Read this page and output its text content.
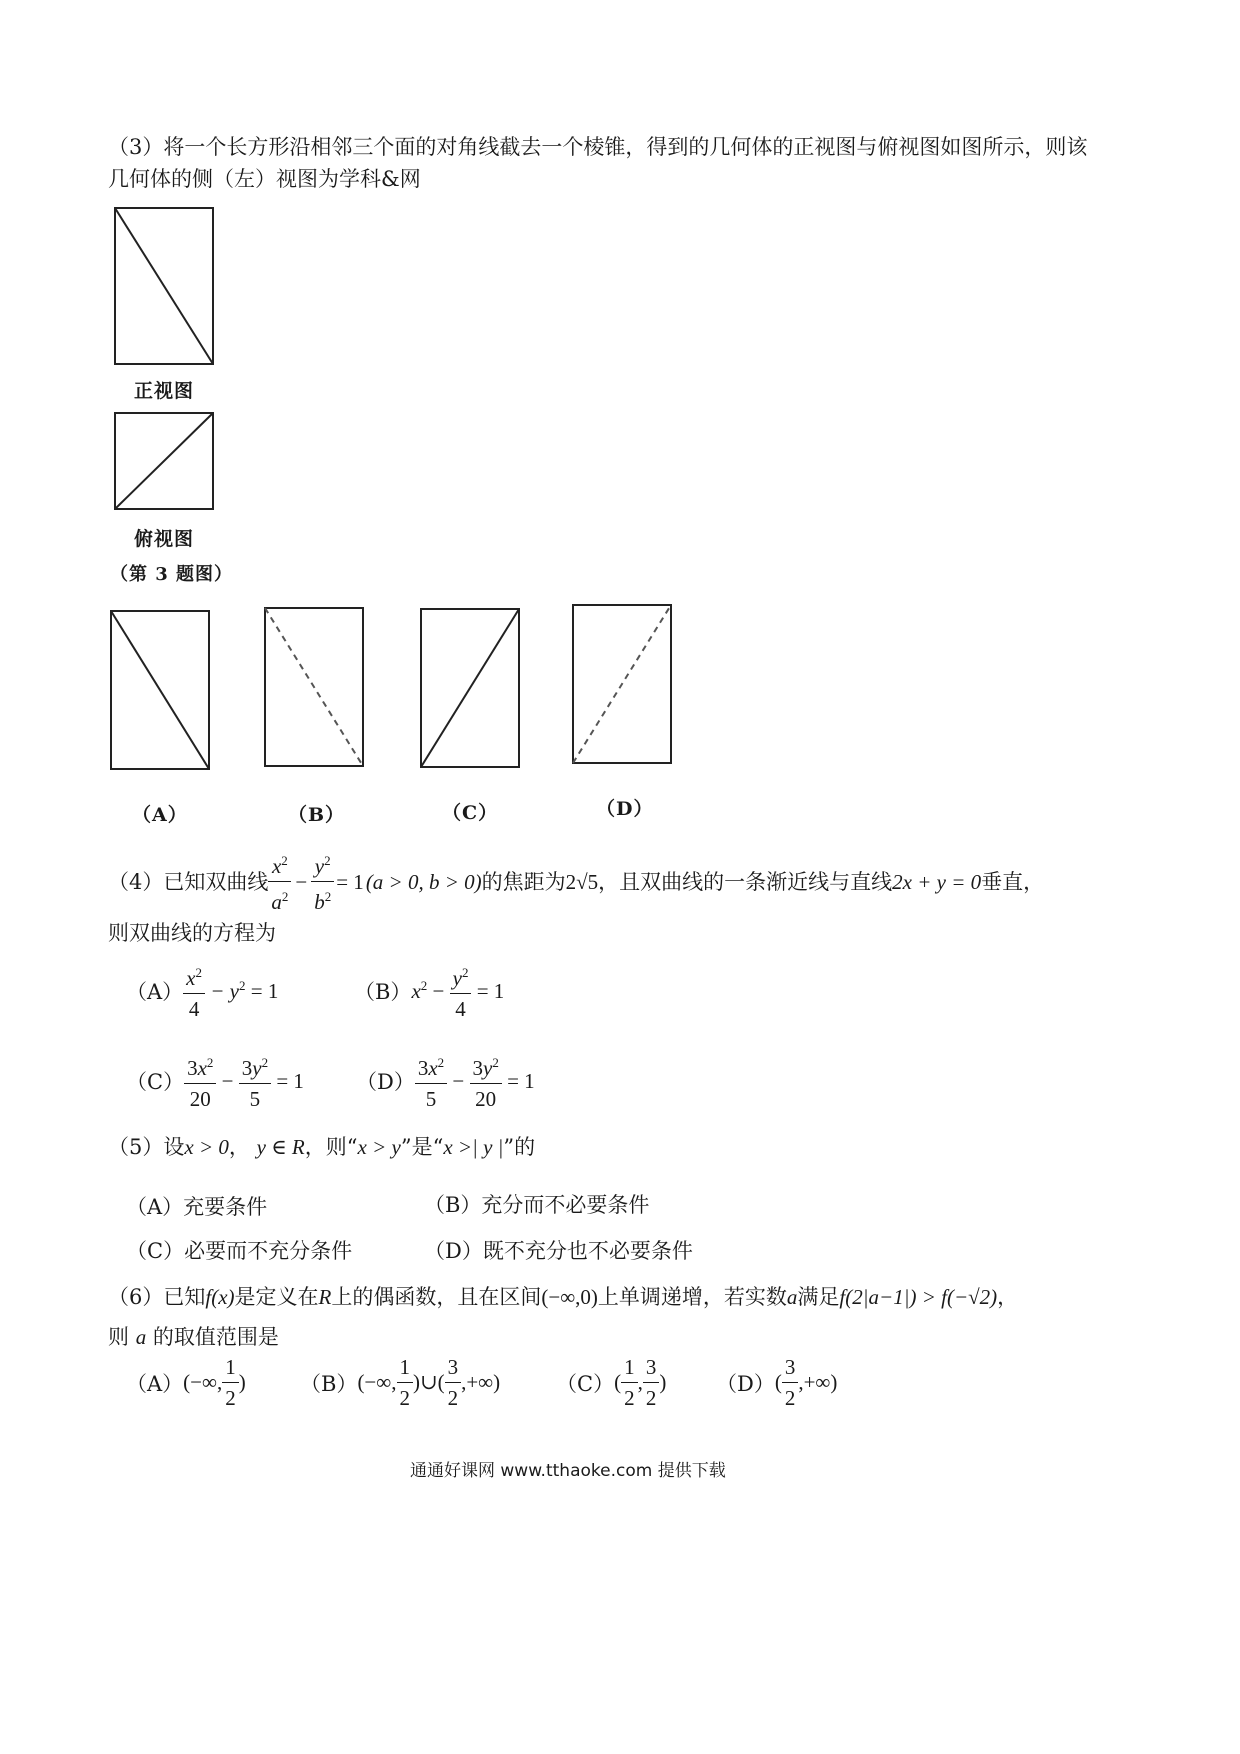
（3）将一个长方形沿相邻三个面的对角线截去一个棱锥，得到的几何体的正视图与俯视图如图所示，则该
几何体的侧（左）视图为学科&网
正视图
俯视图
（第 3 题图）
（A）	（B）	（C）	（D）
（4）已知双曲线 $\frac{x^2}{a^2} - \frac{y^2}{b^2} = 1$ (a > 0, b > 0) 的焦距为 2√5 ，且双曲线的一条渐近线与直线 2x + y = 0 垂直，
则双曲线的方程为
$(A) \frac{x^2}{4} - y^2 = 1$	（B） $x^2 - \frac{y^2}{4} = 1$
$(C) \frac{3x^2}{20} - \frac{3y^2}{5} = 1$ $(D) \frac{3x^2}{5} - \frac{3y^2}{20} = 1$
（5）设x > 0， y ∈ R，则“x > y”是“x >| y |”的
（A）充要条件	（B）充分而不必要条件
（C）必要而不充分条件	（D）既不充分也不必要条件
（6）已知f(x)是定义在R上的偶函数，且在区间(−∞,0)上单调递增，若实数a满足f(2|a−1|) > f(−√2)，
则 a 的取值范围是
（A） (−∞, $\frac{1}{2}$ )	（B） (−∞, $\frac{1}{2}$ )∪( $\frac{3}{2}$ ,+∞)	（C） ( $\frac{1}{2}$ , $\frac{3}{2}$ ) （D） ( $\frac{3}{2}$ ,+∞)
通通好课网 www.tthaoke.com 提供下载
